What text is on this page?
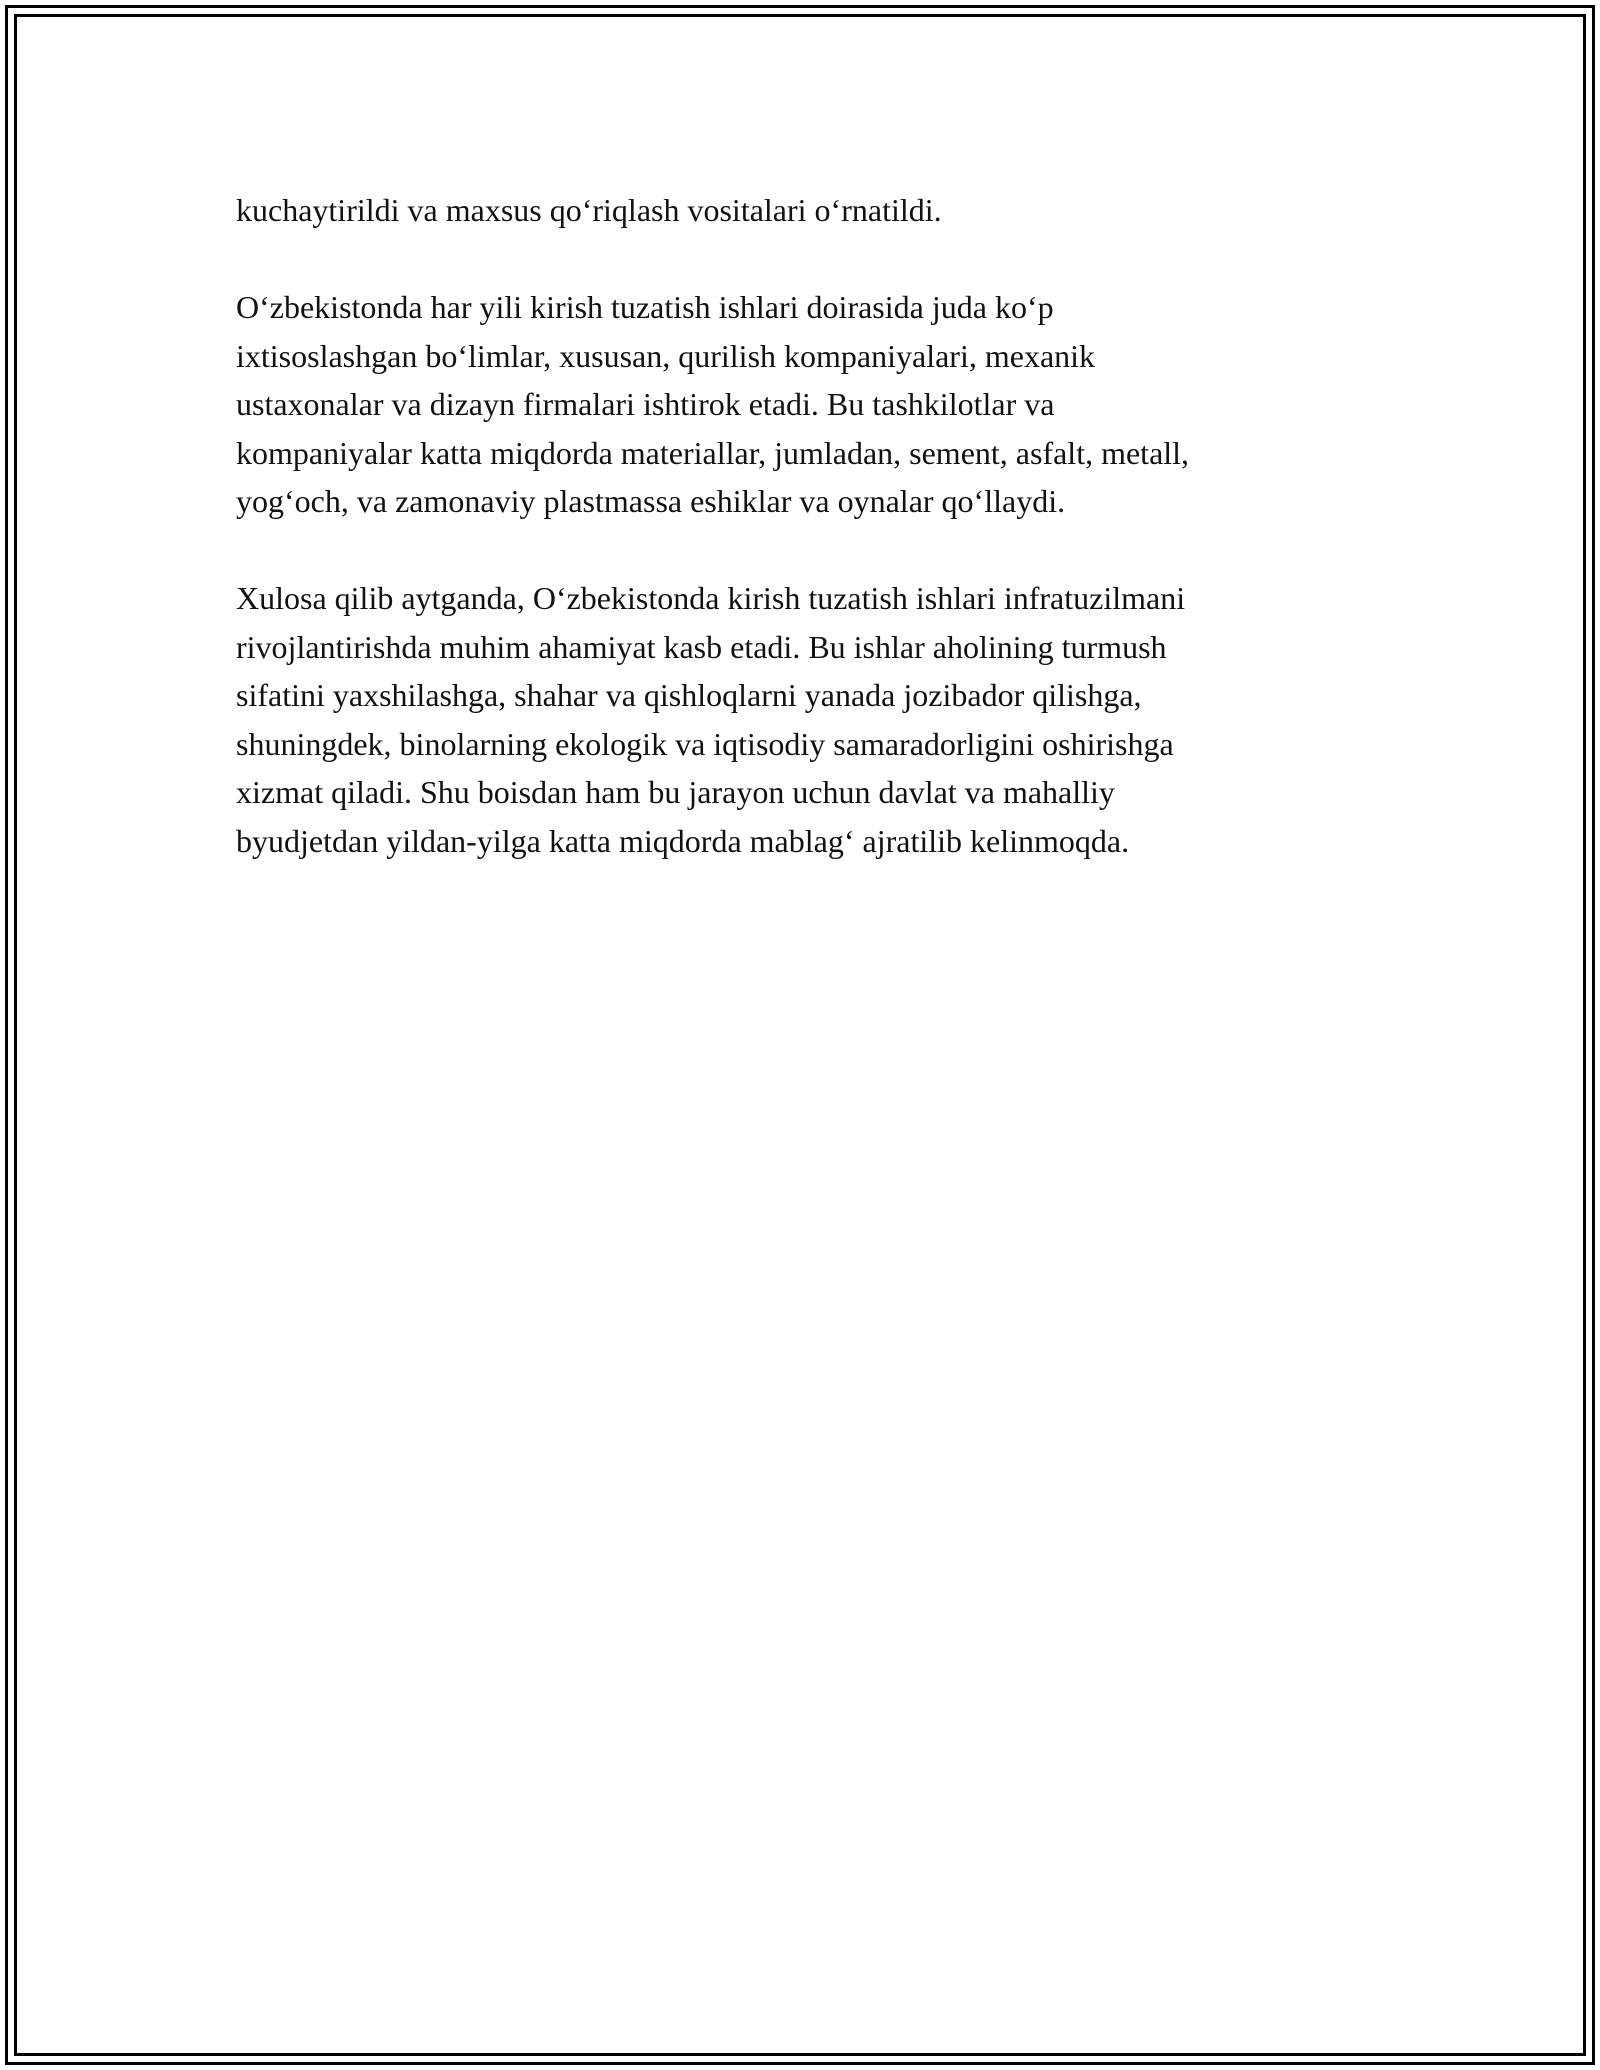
kuchaytirildi va maxsus qo‘riqlash vositalari o‘rnatildi.

O‘zbekistonda har yili kirish tuzatish ishlari doirasida juda ko‘p
ixtisoslashgan bo‘limlar, xususan, qurilish kompaniyalari, mexanik
ustaxonalar va dizayn firmalari ishtirok etadi. Bu tashkilotlar va
kompaniyalar katta miqdorda materiallar, jumladan, sement, asfalt, metall,
yog‘och, va zamonaviy plastmassa eshiklar va oynalar qo‘llaydi.

Xulosa qilib aytganda, O‘zbekistonda kirish tuzatish ishlari infratuzilmani
rivojlantirishda muhim ahamiyat kasb etadi. Bu ishlar aholining turmush
sifatini yaxshilashga, shahar va qishloqlarni yanada jozibador qilishga,
shuningdek, binolarning ekologik va iqtisodiy samaradorligini oshirishga
xizmat qiladi. Shu boisdan ham bu jarayon uchun davlat va mahalliy
byudjetdan yildan-yilga katta miqdorda mablag‘ ajratilib kelinmoqda.
